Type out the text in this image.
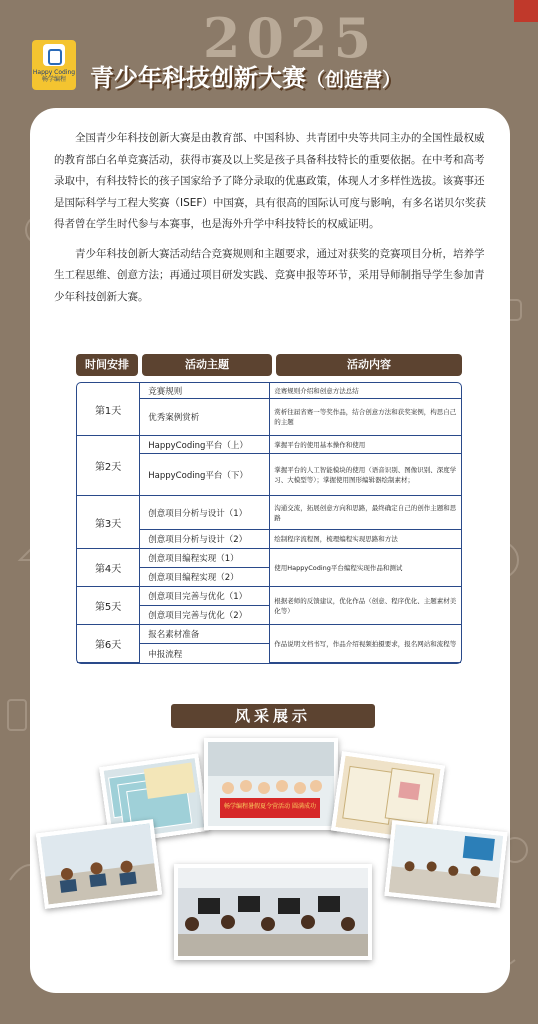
2025
Happy Coding
畅学编程	青少年科技创新大赛（创造营）

全国青少年科技创新大赛是由教育部、中国科协、共青团中央等共同主办的全国性最权威的教育部白名单竞赛活动，获得市赛及以上奖是孩子具备科技特长的重要依据。在中考和高考录取中，有科技特长的孩子国家给予了降分录取的优惠政策，体现人才多样性选拔。该赛事还是国际科学与工程大奖赛（ISEF）中国赛，具有很高的国际认可度与影响，有多名诺贝尔奖获得者曾在学生时代参与本赛事，也是海外升学中科技特长的权威证明。

青少年科技创新大赛活动结合竞赛规则和主题要求，通过对获奖的竞赛项目分析，培养学生工程思维、创意方法；再通过项目研发实践、竞赛申报等环节，采用导师制指导学生参加青少年科技创新大赛。

时间安排	活动主题	活动内容
第1天	竞赛规则	竞赛规则介绍和创意方法总结
	优秀案例赏析	赏析往届省赛一等奖作品，结合创意方法和获奖案例，构思自己的主题
第2天	HappyCoding平台（上）	掌握平台的使用基本操作和使用
	HappyCoding平台（下）	掌握平台的人工智能模块的使用（语音识别、图像识别、深度学习、大模型等）；掌握使用图形编辑器绘制素材；
第3天	创意项目分析与设计（1）	沟通交流，拓展创意方向和思路，最终确定自己的创作主题和思路
	创意项目分析与设计（2）	绘制程序流程图，梳理编程实现思路和方法
第4天	创意项目编程实现（1）	使用HappyCoding平台编程实现作品和测试
	创意项目编程实现（2）	
第5天	创意项目完善与优化（1）	根据老师的反馈建议，优化作品（创意、程序优化、主题素材美化等）
	创意项目完善与优化（2）	
第6天	报名素材准备	作品说明文档书写，作品介绍视频拍摄要求，报名网站和流程等
	申报流程	
风采展示
畅学编程暑假夏令营活动 圆满成功
